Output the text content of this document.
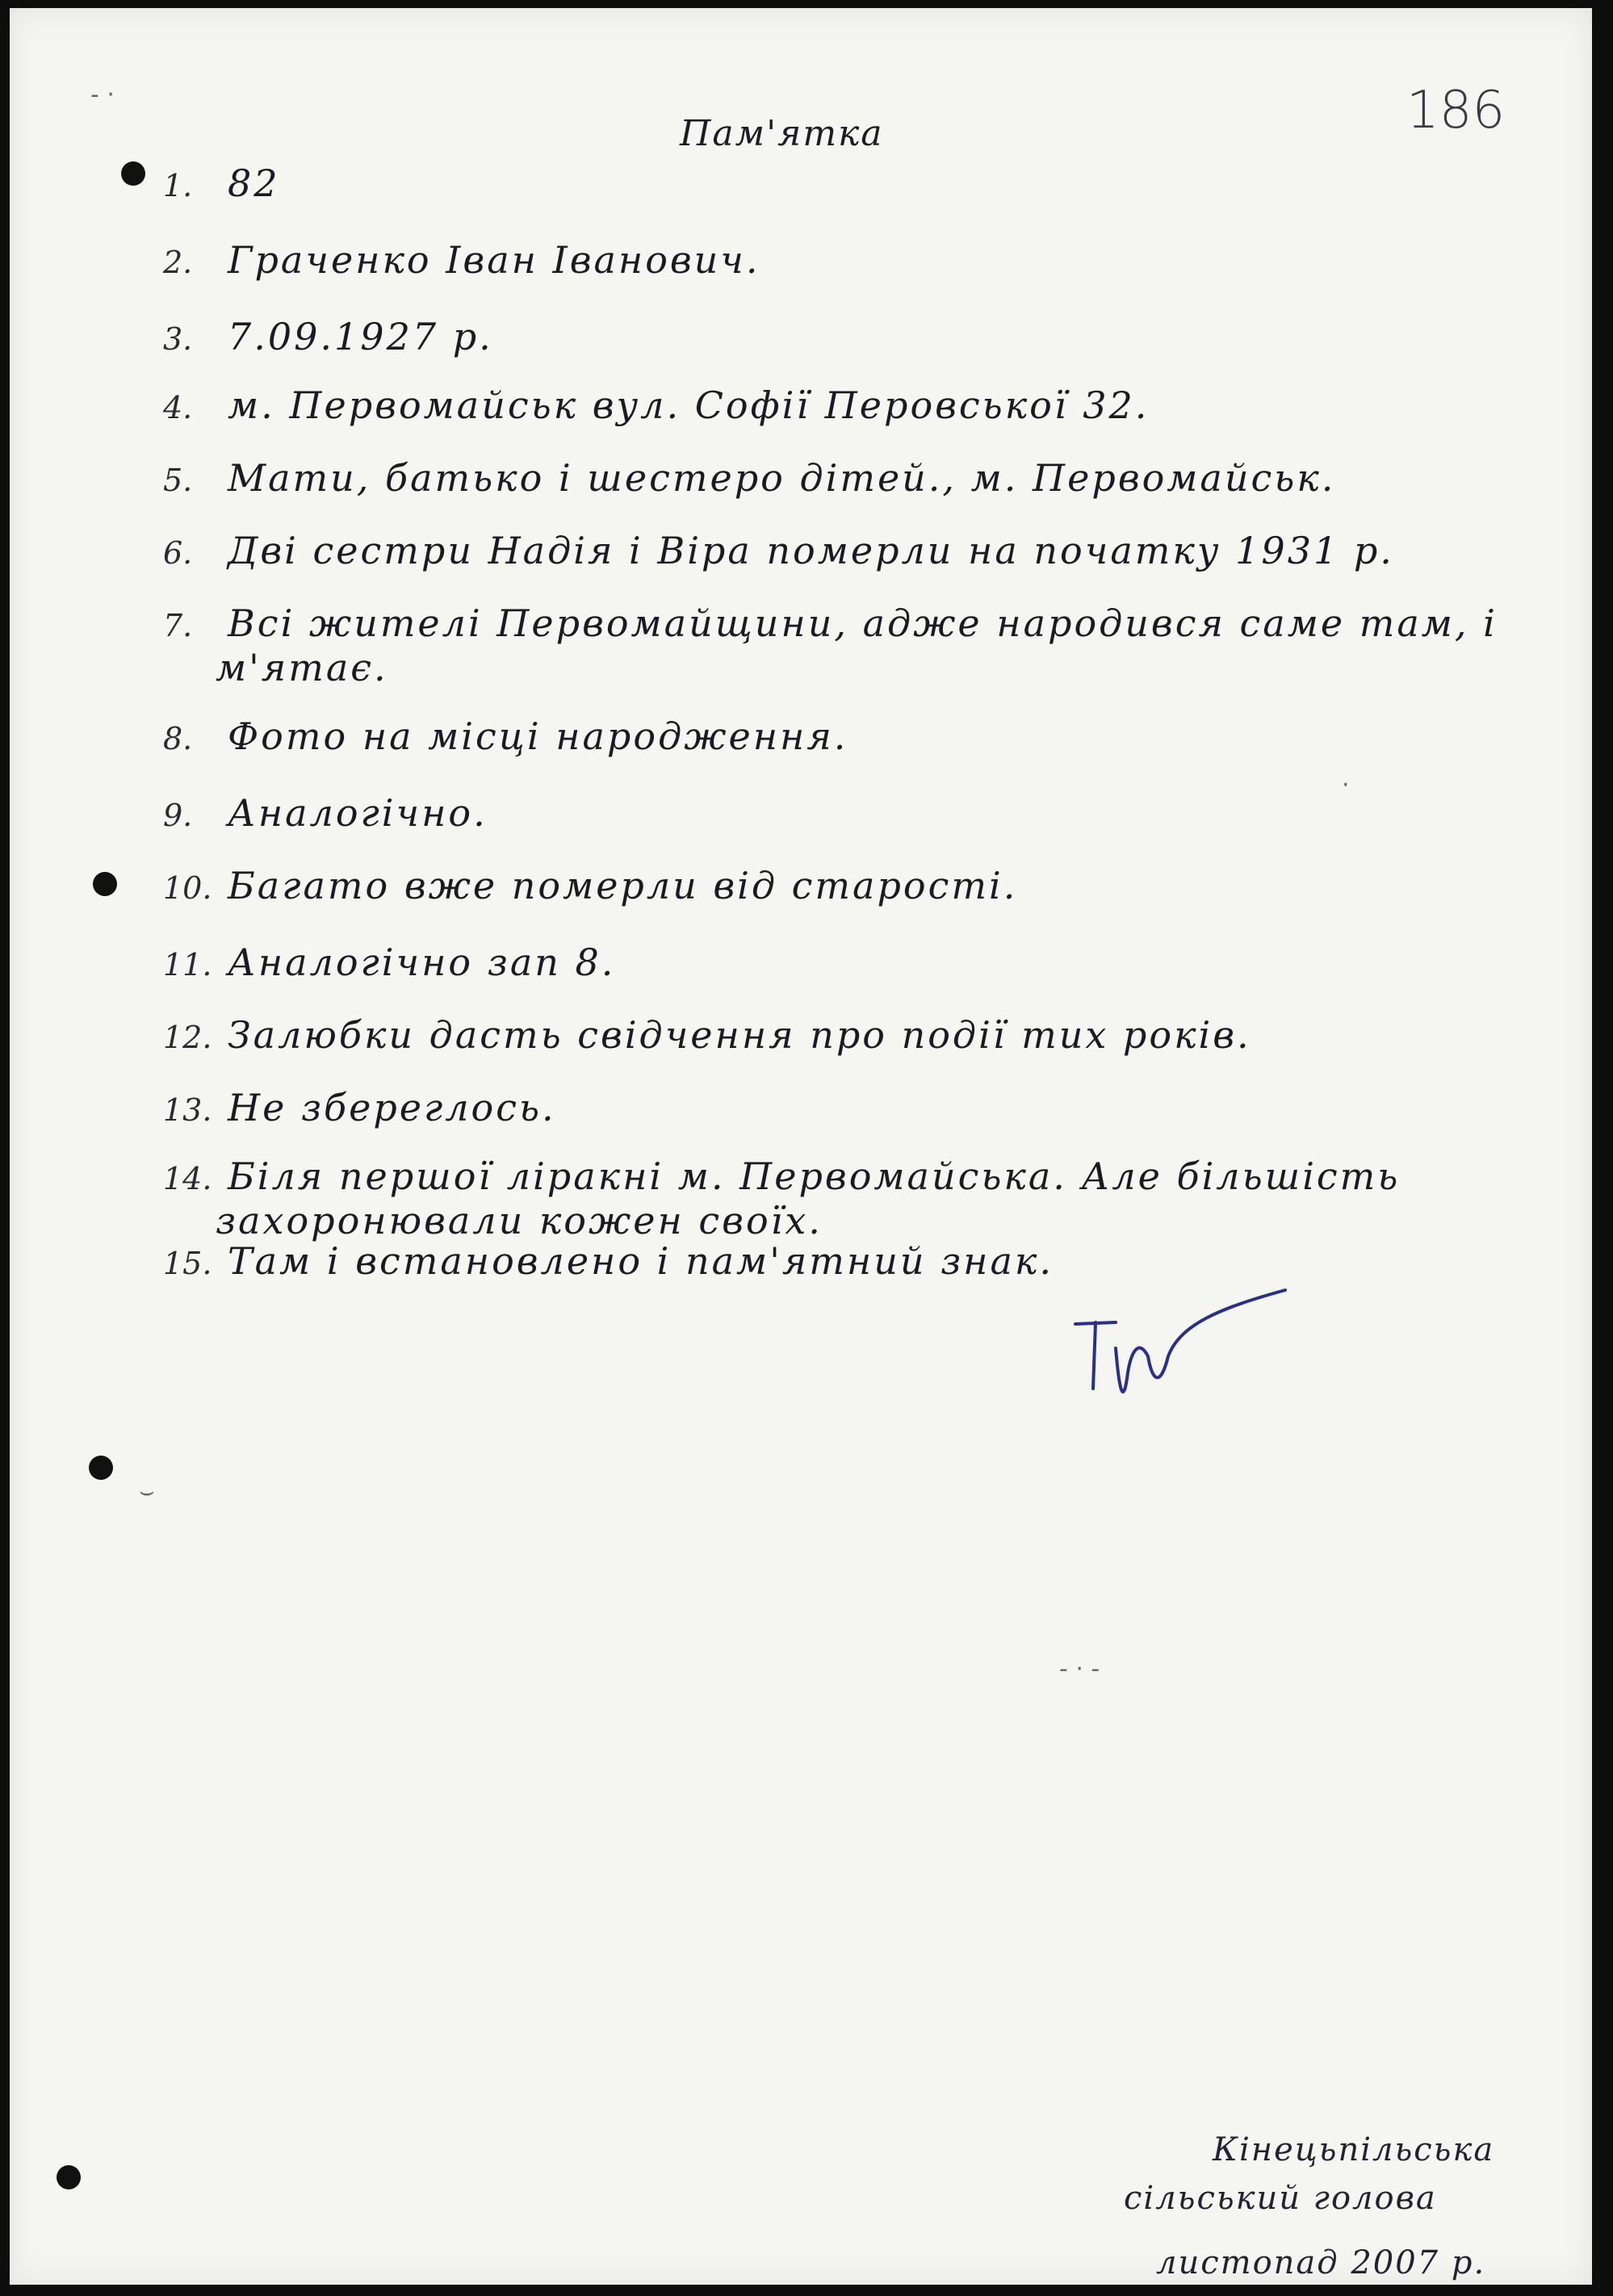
Пам'ятка	186
- ·
·
⌣
- · -
1. 82
2. Граченко Іван Іванович.
3. 7.09.1927 р.
4. м. Первомайськ вул. Софії Перовської 32.
5. Мати, батько і шестеро дітей., м. Первомайськ.
6. Дві сестри Надія і Віра померли на початку 1931 р.
7. Всі жителі Первомайщини, адже народився саме там, і
м'ятає.
8. Фото на місці народження.
9. Аналогічно.
10. Багато вже померли від старості.
11. Аналогічно зап 8.
12. Залюбки дасть свідчення про події тих років.
13. Не збереглось.
14. Біля першої ліракні м. Первомайська. Але більшість
захоронювали кожен своїх.
15. Там і встановлено і пам'ятний знак.
Кінецьпільська
сільський голова
листопад 2007 р.
